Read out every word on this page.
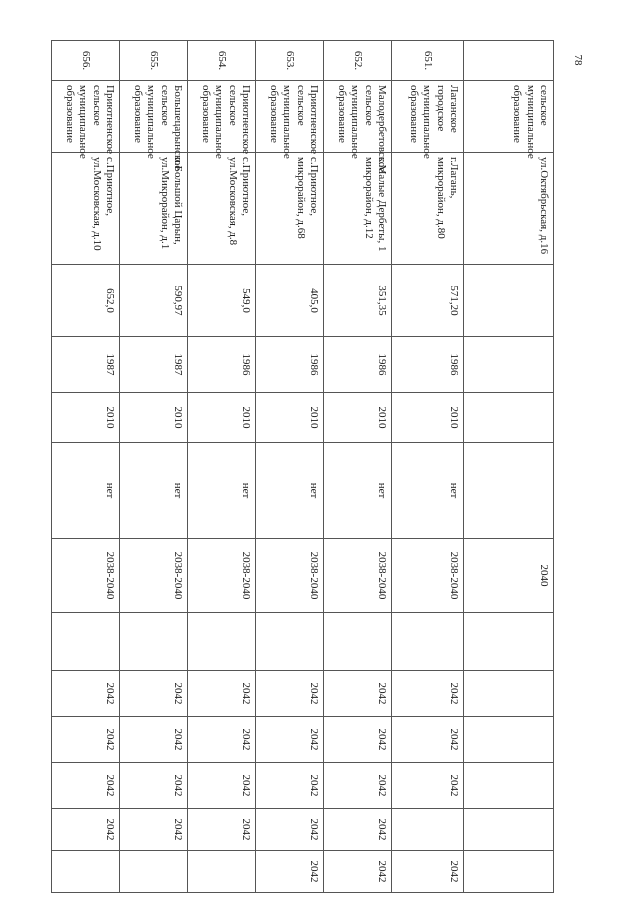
78
	сельское муниципальное образование	ул.Октябрьская, д.16					2040						
651.	Лаганское городское муниципальное образование	г.Лагань, микрорайон, д.80	571,20	1986	2010	нет	2038-2040		2042	2042	2042		2042
652.	Малодербетовское сельское муниципальное образование	с.Малые Дербеты, 1 микрорайон, д.12	351,35	1986	2010	нет	2038-2040		2042	2042	2042	2042	2042
653.	Приютненское сельское муниципальное образование	с.Приютное, микрорайон, д.68	405,0	1986	2010	нет	2038-2040		2042	2042	2042	2042	2042
654.	Приютненское сельское муниципальное образование	с.Приютное, ул.Московская, д.8	549,0	1986	2010	нет	2038-2040		2042	2042	2042	2042	
655.	Большецарынское сельское муниципальное образование	п.Большой Царын, ул.Микрорайон, д.1	590,97	1987	2010	нет	2038-2040		2042	2042	2042	2042	
656.	Приютненское сельское муниципальное образование	с.Приютное, ул.Московская, д.10	652,0	1987	2010	нет	2038-2040		2042	2042	2042	2042	
